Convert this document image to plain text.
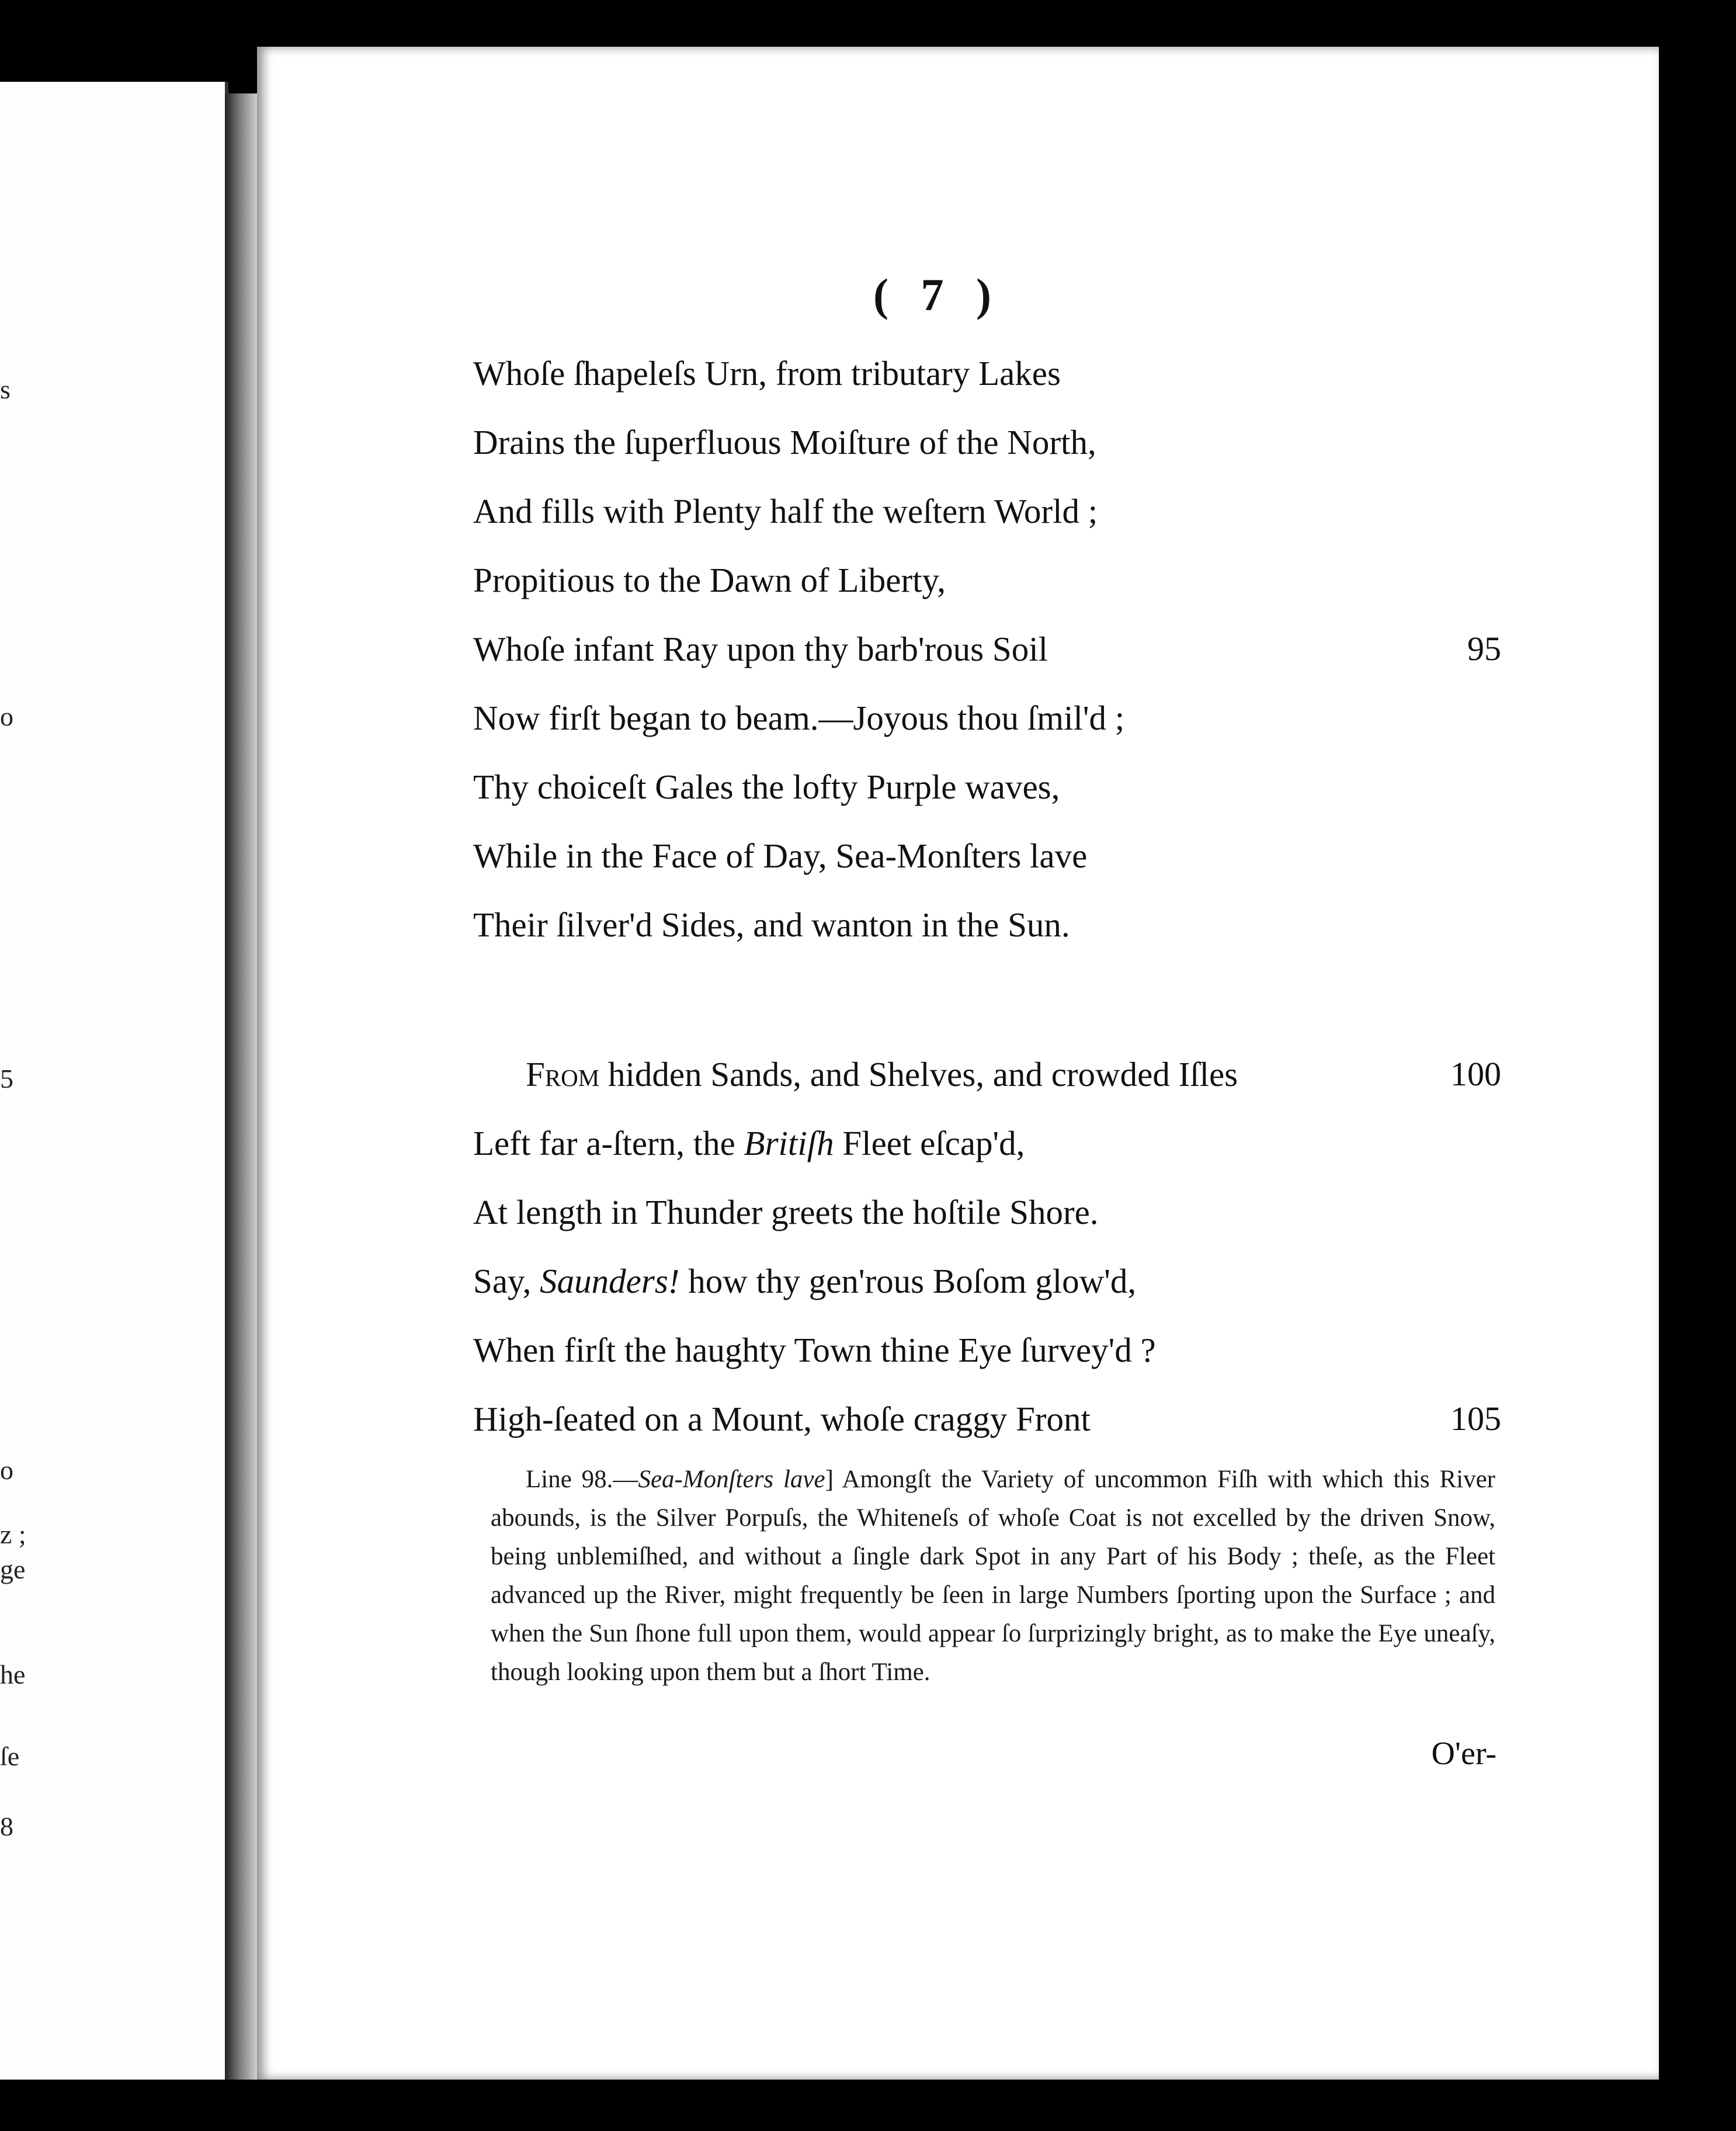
s
o
5
o
z ;
ge
he
ſe
8
( 7 )
Whoſe ſhapeleſs Urn, from tributary Lakes
Drains the ſuperfluous Moiſture of the North,
And fills with Plenty half the weſtern World ;
Propitious to the Dawn of Liberty,
Whoſe infant Ray upon thy barb'rous Soil	95
Now firſt began to beam.—Joyous thou ſmil'd ;
Thy choiceſt Gales the lofty Purple waves,
While in the Face of Day, Sea-Monſters lave
Their ſilver'd Sides, and wanton in the Sun.
From hidden Sands, and Shelves, and crowded Iſles	100
Left far a-ſtern, the Britiſh Fleet eſcap'd,
At length in Thunder greets the hoſtile Shore.
Say, Saunders! how thy gen'rous Boſom glow'd,
When firſt the haughty Town thine Eye ſurvey'd ?
High-ſeated on a Mount, whoſe craggy Front	105
Line 98.—Sea-Monſters lave] Amongſt the Variety of uncommon Fiſh with which this River abounds, is the Silver Porpuſs, the Whiteneſs of whoſe Coat is not excelled by the driven Snow, being unblemiſhed, and without a ſingle dark Spot in any Part of his Body ; theſe, as the Fleet advanced up the River, might frequently be ſeen in large Numbers ſporting upon the Surface ; and when the Sun ſhone full upon them, would appear ſo ſurprizingly bright, as to make the Eye uneaſy, though looking upon them but a ſhort Time.
O'er-
